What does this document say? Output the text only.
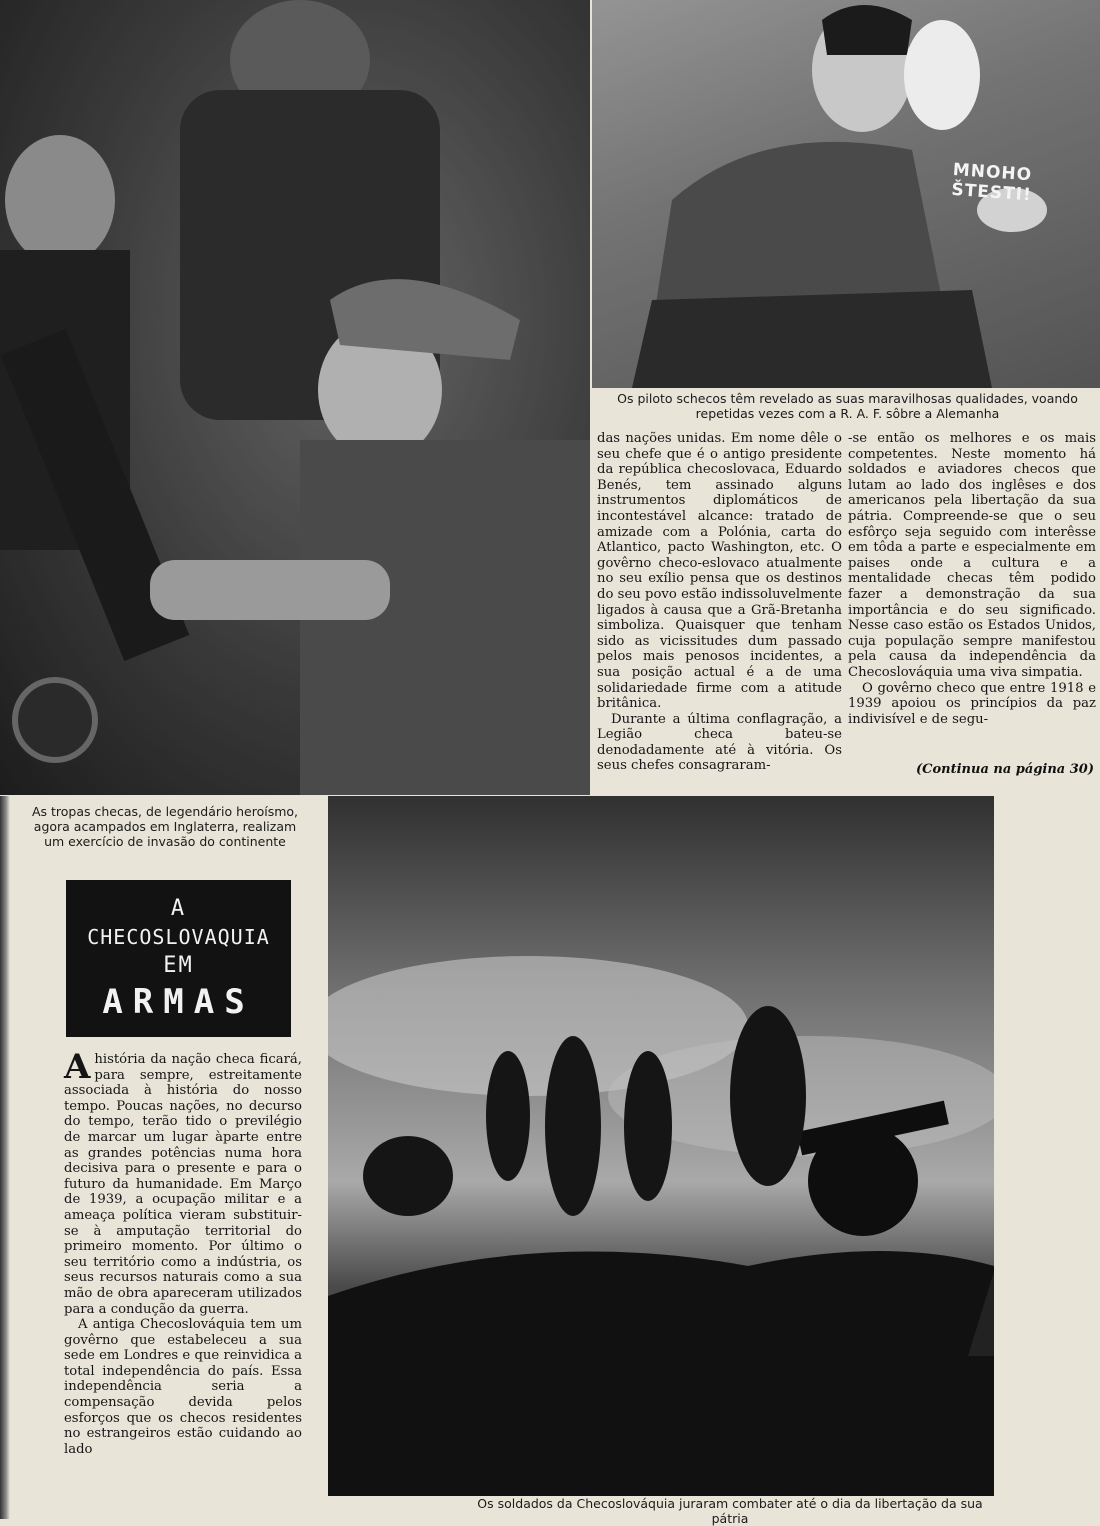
MNOHO ŠTESTI!
Os piloto schecos têm revelado as suas maravilhosas qualidades, voando repetidas vezes com a R. A. F. sôbre a Alemanha

das nações unidas. Em nome dêle o seu chefe que é o antigo presidente da república checoslovaca, Eduardo Benés, tem assinado alguns instrumentos diplomáticos de incontestável alcance: tratado de amizade com a Polónia, carta do Atlantico, pacto Washington, etc. O govêrno checo-eslovaco atualmente no seu exílio pensa que os destinos do seu povo estão indissoluvelmente ligados à causa que a Grã-Bretanha simboliza. Quaisquer que tenham sido as vicissitudes dum passado pelos mais penosos incidentes, a sua posição actual é a de uma solidariedade firme com a atitude britânica.

Durante a última conflagração, a Legião checa bateu-se denodadamente até à vitória. Os seus chefes consagraram-

-se então os melhores e os mais competentes. Neste momento há soldados e aviadores checos que lutam ao lado dos inglêses e dos americanos pela libertação da sua pátria. Compreende-se que o seu esfôrço seja seguido com interêsse em tôda a parte e especialmente em paises onde a cultura e a mentalidade checas têm podido fazer a demonstração da sua importância e do seu significado. Nesse caso estão os Estados Unidos, cuja população sempre manifestou pela causa da independência da Checoslováquia uma viva simpatia.

O govêrno checo que entre 1918 e 1939 apoiou os princípios da paz indivisível e de segu-

(Continua na página 30)
As tropas checas, de legendário heroísmo, agora acampados em Inglaterra, realizam um exercício de invasão do continente
A
CHECOSLOVAQUIA
EM
ARMAS

Ahistória da nação checa ficará, para sempre, estreitamente associada à história do nosso tempo. Poucas nações, no decurso do tempo, terão tido o previlégio de marcar um lugar àparte entre as grandes potências numa hora decisiva para o presente e para o futuro da humanidade. Em Março de 1939, a ocupação militar e a ameaça política vieram substituir-se à amputação territorial do primeiro momento. Por último o seu território como a indústria, os seus recursos naturais como a sua mão de obra apareceram utilizados para a condução da guerra.

A antiga Checoslováquia tem um govêrno que estabeleceu a sua sede em Londres e que reinvidica a total independência do país. Essa independência seria a compensação devida pelos esforços que os checos residentes no estrangeiros estão cuidando ao lado

Os soldados da Checoslováquia juraram combater até o dia da libertação da sua pátria
